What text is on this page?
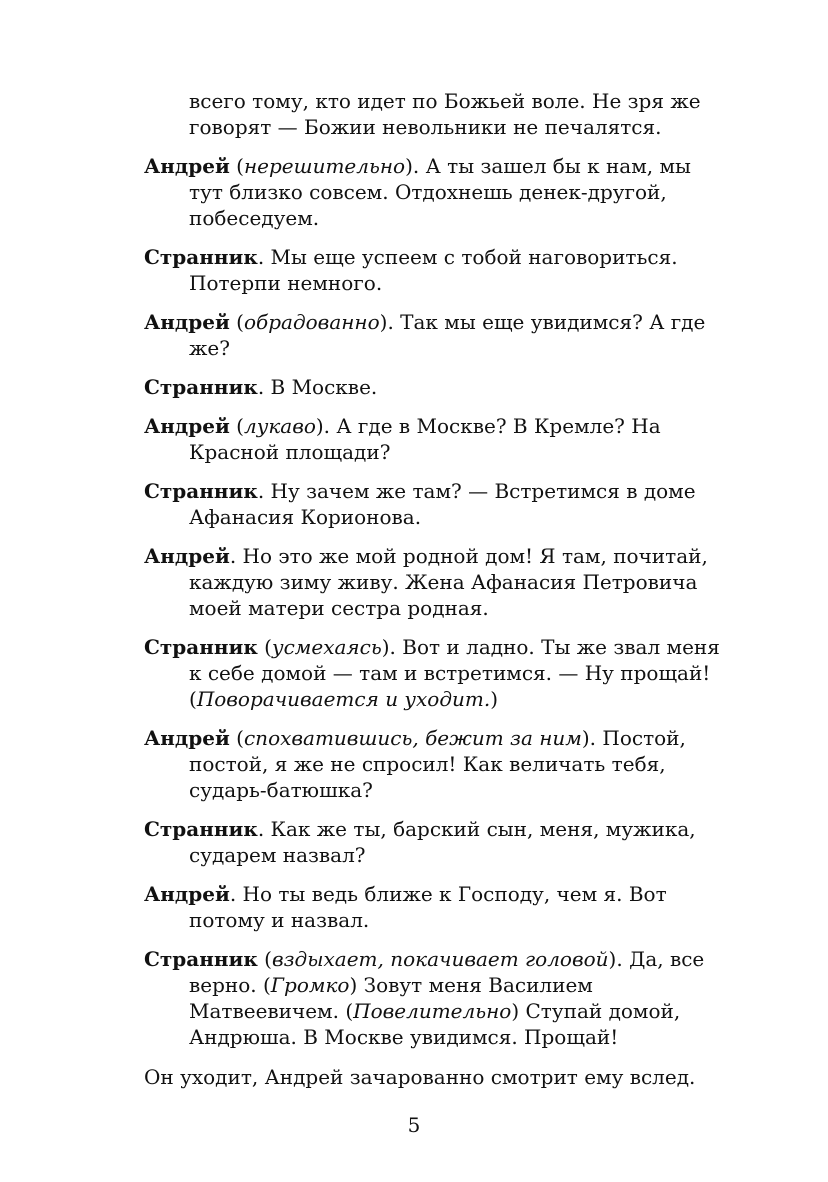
всего тому, кто идет по Божьей воле. Не зря же говорят — Божии невольники не печалятся.

Андрей (нерешительно). А ты зашел бы к нам, мы тут близко совсем. Отдохнешь денек-другой, побеседуем.

Странник. Мы еще успеем с тобой наговориться. Потерпи немного.

Андрей (обрадованно). Так мы еще увидимся? А где же?

Странник. В Москве.

Андрей (лукаво). А где в Москве? В Кремле? На Красной площади?

Странник. Ну зачем же там? — Встретимся в доме Афанасия Корионова.

Андрей. Но это же мой родной дом! Я там, почитай, каждую зиму живу. Жена Афанасия Петровича моей матери сестра родная.

Странник (усмехаясь). Вот и ладно. Ты же звал меня к себе домой — там и встретимся. — Ну прощай! (Поворачивается и уходит.)

Андрей (спохватившись, бежит за ним). Постой, постой, я же не спросил! Как величать тебя, сударь-батюшка?

Странник. Как же ты, барский сын, меня, мужика, сударем назвал?

Андрей. Но ты ведь ближе к Господу, чем я. Вот потому и назвал.

Странник (вздыхает, покачивает головой). Да, все верно. (Громко) Зовут меня Василием Матвеевичем. (Повелительно) Ступай домой, Андрюша. В Москве увидимся. Прощай!

Он уходит, Андрей зачарованно смотрит ему вслед.

5
